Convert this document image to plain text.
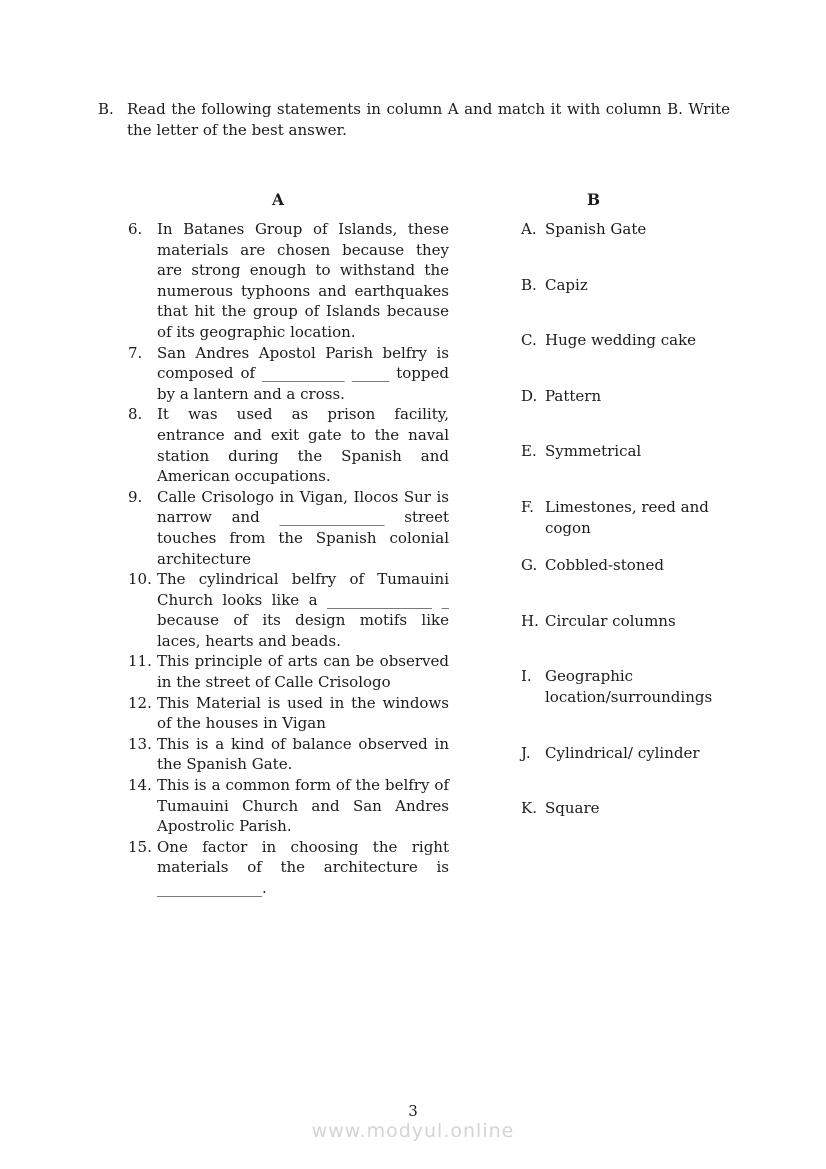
B. Read the following statements in column A and match it with column B. Write
the letter of the best answer.
A	B
6. In Batanes Group of Islands, these materials are chosen because they are strong enough to withstand the numerous typhoons and earthquakes that hit the group of Islands because of its geographic location.
7. San Andres Apostol Parish belfry is composed of ___________ _____ topped by a lantern and a cross.
8. It was used as prison facility, entrance and exit gate to the naval station during the Spanish and American occupations.
9. Calle Crisologo in Vigan, Ilocos Sur is narrow and ______________ street touches from the Spanish colonial architecture
10. The cylindrical belfry of Tumauini Church looks like a ______________ _ because of its design motifs like laces, hearts and beads.
11. This principle of arts can be observed in the street of Calle Crisologo
12. This Material is used in the windows of the houses in Vigan
13. This is a kind of balance observed in the Spanish Gate.
14. This is a common form of the belfry of Tumauini Church and San Andres Apostrolic Parish.
15. One factor in choosing the right materials of the architecture is ______________.
A. Spanish Gate
B. Capiz
C. Huge wedding cake
D. Pattern
E. Symmetrical
F. Limestones, reed and cogon
G. Cobbled-stoned
H. Circular columns
I. Geographic location/surroundings
J. Cylindrical/ cylinder
K. Square
3
www.modyul.online
